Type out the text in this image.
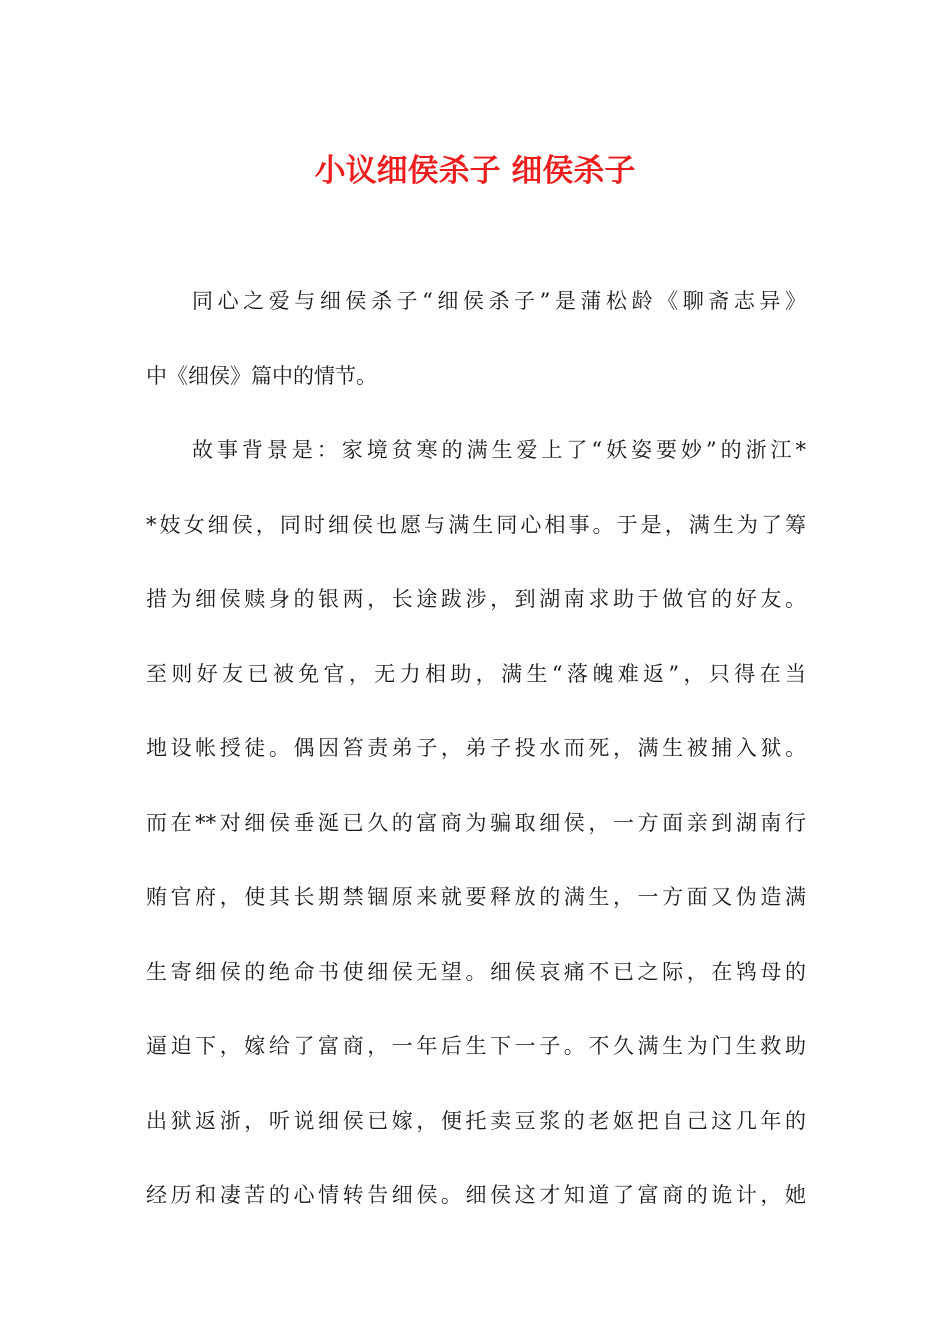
小议细侯杀子 细侯杀子
同心之爱与细侯杀子“细侯杀子”是蒲松龄《聊斋志异》
中《细侯》篇中的情节。
故事背景是：家境贫寒的满生爱上了“妖姿要妙”的浙江*
*妓女细侯，同时细侯也愿与满生同心相事。于是，满生为了筹
措为细侯赎身的银两，长途跋涉，到湖南求助于做官的好友。
至则好友已被免官，无力相助，满生“落魄难返”，只得在当
地设帐授徒。偶因笞责弟子，弟子投水而死，满生被捕入狱。
而在**对细侯垂涎已久的富商为骗取细侯，一方面亲到湖南行
贿官府，使其长期禁锢原来就要释放的满生，一方面又伪造满
生寄细侯的绝命书使细侯无望。细侯哀痛不已之际，在鸨母的
逼迫下，嫁给了富商，一年后生下一子。不久满生为门生救助
出狱返浙，听说细侯已嫁，便托卖豆浆的老妪把自己这几年的
经历和凄苦的心情转告细侯。细侯这才知道了富商的诡计，她
